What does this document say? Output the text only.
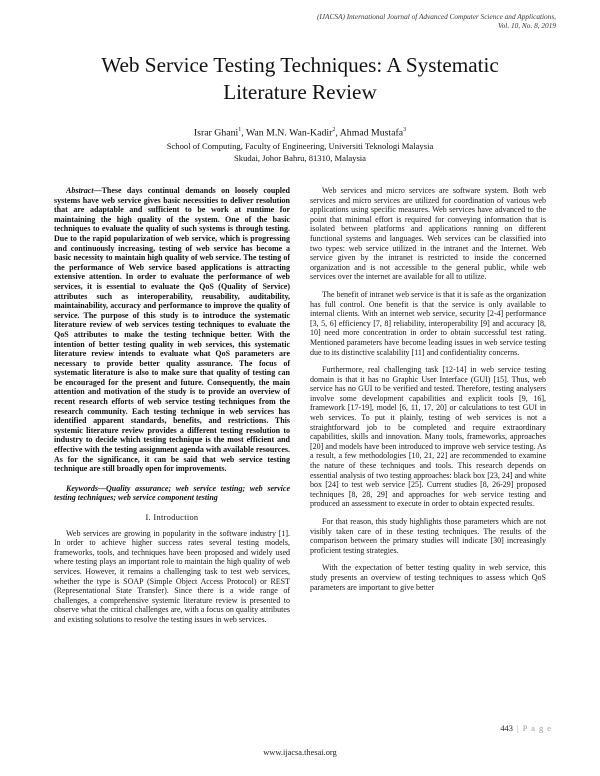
(IJACSA) International Journal of Advanced Computer Science and Applications,
Vol. 10, No. 8, 2019
Web Service Testing Techniques: A Systematic
Literature Review
Israr Ghani$^1$, Wan M.N. Wan-Kadir$^2$, Ahmad Mustafa$^3$
School of Computing, Faculty of Engineering, Universiti Teknologi Malaysia
Skudai, Johor Bahru, 81310, Malaysia

Abstract—These days continual demands on loosely coupled systems have web service gives basic necessities to deliver resolution that are adaptable and sufficient to be work at runtime for maintaining the high quality of the system. One of the basic techniques to evaluate the quality of such systems is through testing. Due to the rapid popularization of web service, which is progressing and continuously increasing, testing of web service has become a basic necessity to maintain high quality of web service. The testing of the performance of Web service based applications is attracting extensive attention. In order to evaluate the performance of web services, it is essential to evaluate the QoS (Quality of Service) attributes such as interoperability, reusability, auditability, maintainability, accuracy and performance to improve the quality of service. The purpose of this study is to introduce the systematic literature review of web services testing techniques to evaluate the QoS attributes to make the testing technique better. With the intention of better testing quality in web services, this systematic literature review intends to evaluate what QoS parameters are necessary to provide better quality assurance. The focus of systematic literature is also to make sure that quality of testing can be encouraged for the present and future. Consequently, the main attention and motivation of the study is to provide an overview of recent research efforts of web service testing techniques from the research community. Each testing technique in web services has identified apparent standards, benefits, and restrictions. This systemic literature review provides a different testing resolution to industry to decide which testing technique is the most efficient and effective with the testing assignment agenda with available resources. As for the significance, it can be said that web service testing technique are still broadly open for improvements.

Keywords—Quality assurance; web service testing; web service testing techniques; web service component testing

I. Introduction

Web services are growing in popularity in the software industry [1]. In order to achieve higher success rates several testing models, frameworks, tools, and techniques have been proposed and widely used where testing plays an important role to maintain the high quality of web services. However, it remains a challenging task to test web services, whether the type is SOAP (Simple Object Access Protocol) or REST (Representational State Transfer). Since there is a wide range of challenges, a comprehensive systemic literature review is presented to observe what the critical challenges are, with a focus on quality attributes and existing solutions to resolve the testing issues in web services.

Web services and micro services are software system. Both web services and micro services are utilized for coordination of various web applications using specific measures. Web services have advanced to the point that minimal effort is required for conveying information that is isolated between platforms and applications running on different functional systems and languages. Web services can be classified into two types: web service utilized in the intranet and the Internet. Web service given by the intranet is restricted to inside the concerned organization and is not accessible to the general public, while web services over the internet are available for all to utilize.

The benefit of intranet web service is that it is safe as the organization has full control. One benefit is that the service is only available to internal clients. With an internet web service, security [2-4] performance [3, 5, 6] efficiency [7, 8] reliability, interoperability [9] and accuracy [8, 10] need more concentration in order to obtain successful test rating. Mentioned parameters have become leading issues in web service testing due to its distinctive scalability [11] and confidentiality concerns.

Furthermore, real challenging task [12-14] in web service testing domain is that it has no Graphic User Interface (GUI) [15]. Thus, web service has no GUI to be verified and tested. Therefore, testing analysers involve some development capabilities and explicit tools [9, 16], framework [17-19], model [6, 11, 17, 20] or calculations to test GUI in web services. To put it plainly, testing of web services is not a straightforward job to be completed and require extraordinary capabilities, skills and innovation. Many tools, frameworks, approaches [20] and models have been introduced to improve web service testing. As a result, a few methodologies [10, 21, 22] are recommended to examine the nature of these techniques and tools. This research depends on essential analysis of two testing approaches: black box [23, 24] and white box [24] to test web service [25]. Current studies [8, 26-29] proposed techniques [8, 28, 29] and approaches for web service testing and produced an assessment to execute in order to obtain expected results.

For that reason, this study highlights those parameters which are not visibly taken care of in these testing techniques. The results of the comparison between the primary studies will indicate [30] increasingly proficient testing strategies.

With the expectation of better testing quality in web service, this study presents an overview of testing techniques to assess which QoS parameters are important to give better

443 | P a g e
www.ijacsa.thesai.org
